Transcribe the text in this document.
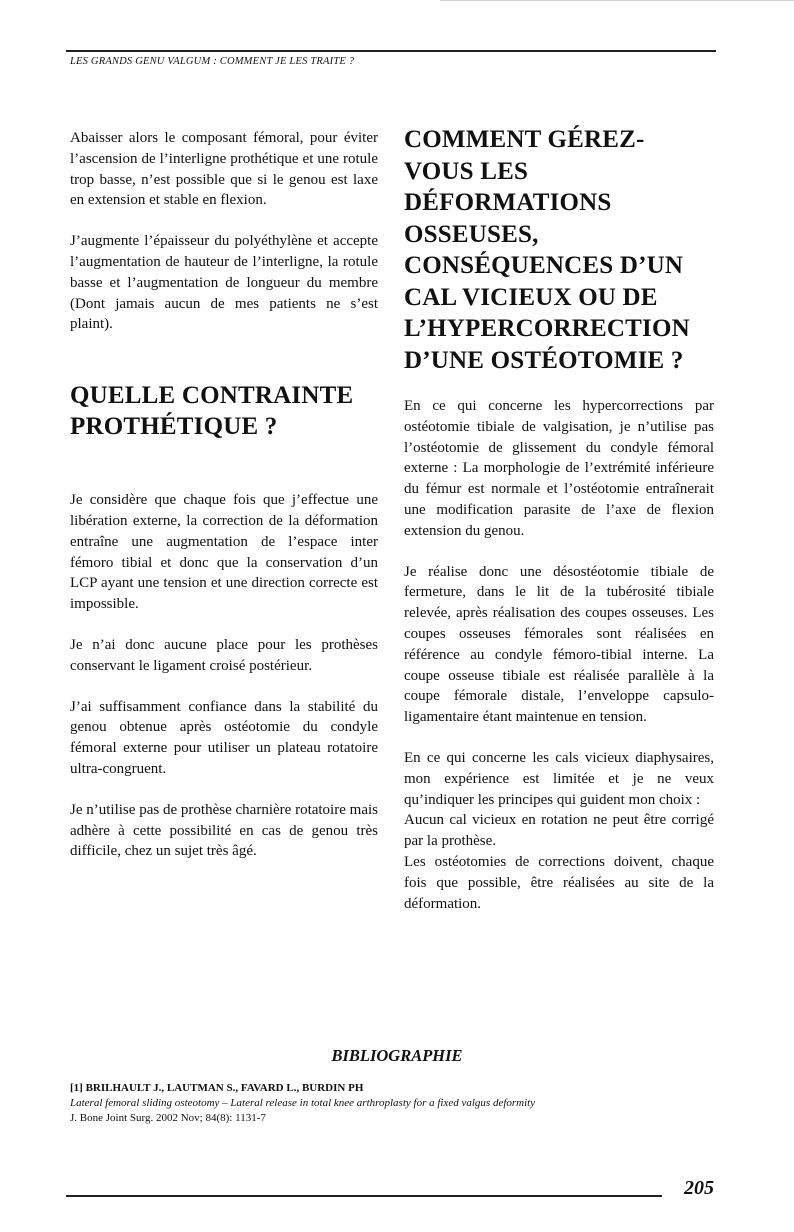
LES GRANDS GENU VALGUM : COMMENT JE LES TRAITE ?

Abaisser alors le composant fémoral, pour éviter l’ascension de l’interligne prothétique et une rotule trop basse, n’est possible que si le genou est laxe en extension et stable en flexion.

J’augmente l’épaisseur du polyéthylène et accepte l’augmentation de hauteur de l’interligne, la rotule basse et l’augmentation de longueur du membre (Dont jamais aucun de mes patients ne s’est plaint).

QUELLE CONTRAINTE PROTHÉTIQUE ?

Je considère que chaque fois que j’effectue une libération externe, la correction de la déformation entraîne une augmentation de l’espace inter fémoro tibial et donc que la conservation d’un LCP ayant une tension et une direction correcte est impossible.

Je n’ai donc aucune place pour les prothèses conservant le ligament croisé postérieur.

J’ai suffisamment confiance dans la stabilité du genou obtenue après ostéotomie du condyle fémoral externe pour utiliser un plateau rotatoire ultra-congruent.

Je n’utilise pas de prothèse charnière rotatoire mais adhère à cette possibilité en cas de genou très difficile, chez un sujet très âgé.

COMMENT GÉREZ-VOUS LES DÉFORMATIONS OSSEUSES, CONSÉQUENCES D’UN CAL VICIEUX OU DE L’HYPERCORRECTION D’UNE OSTÉOTOMIE ?

En ce qui concerne les hypercorrections par ostéotomie tibiale de valgisation, je n’utilise pas l’ostéotomie de glissement du condyle fémoral externe : La morphologie de l’extrémité inférieure du fémur est normale et l’ostéotomie entraînerait une modification parasite de l’axe de flexion extension du genou.

Je réalise donc une désostéotomie tibiale de fermeture, dans le lit de la tubérosité tibiale relevée, après réalisation des coupes osseuses. Les coupes osseuses fémorales sont réalisées en référence au condyle fémoro-tibial interne. La coupe osseuse tibiale est réalisée parallèle à la coupe fémorale distale, l’enveloppe capsulo-ligamentaire étant maintenue en tension.

En ce qui concerne les cals vicieux diaphysaires, mon expérience est limitée et je ne veux qu’indiquer les principes qui guident mon choix :
Aucun cal vicieux en rotation ne peut être corrigé par la prothèse.
Les ostéotomies de corrections doivent, chaque fois que possible, être réalisées au site de la déformation.
BIBLIOGRAPHIE
[1] BRILHAULT J., LAUTMAN S., FAVARD L., BURDIN PH
Lateral femoral sliding osteotomy – Lateral release in total knee arthroplasty for a fixed valgus deformity
J. Bone Joint Surg. 2002 Nov; 84(8): 1131-7
205
